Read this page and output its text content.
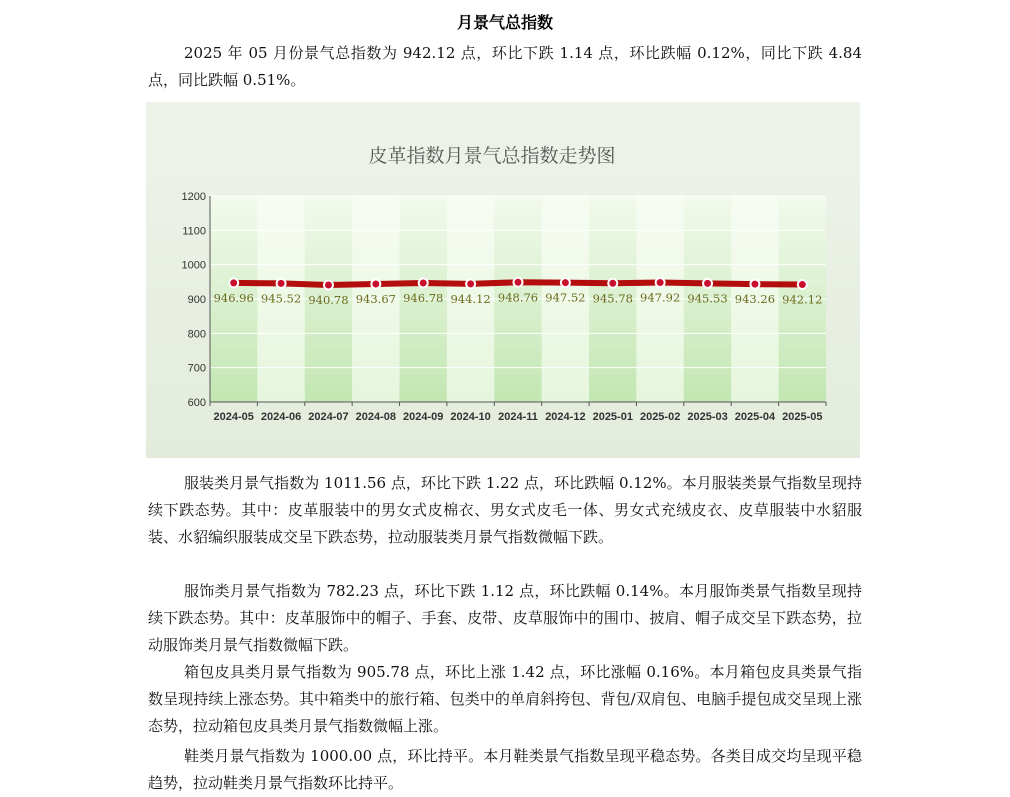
月景气总指数

2025 年 05 月份景气总指数为 942.12 点，环比下跌 1.14 点，环比跌幅 0.12%，同比下跌 4.84 点，同比跌幅 0.51%。

600
700
800
900
1000
1100
1200
2024-05 2024-06 2024-07 2024-08 2024-09 2024-10 2024-11 2024-12 2025-01 2025-02 2025-03 2025-04 2025-05
946.96 945.52 940.78 943.67 946.78 944.12 948.76 947.52 945.78 947.92 945.53 943.26 942.12
皮革指数月景气总指数走势图

服装类月景气指数为 1011.56 点，环比下跌 1.22 点，环比跌幅 0.12%。本月服装类景气指数呈现持续下跌态势。其中：皮革服装中的男女式皮棉衣、男女式皮毛一体、男女式充绒皮衣、皮草服装中水貂服装、水貂编织服装成交呈下跌态势，拉动服装类月景气指数微幅下跌。

服饰类月景气指数为 782.23 点，环比下跌 1.12 点，环比跌幅 0.14%。本月服饰类景气指数呈现持续下跌态势。其中：皮革服饰中的帽子、手套、皮带、皮草服饰中的围巾、披肩、帽子成交呈下跌态势，拉动服饰类月景气指数微幅下跌。

箱包皮具类月景气指数为 905.78 点，环比上涨 1.42 点，环比涨幅 0.16%。本月箱包皮具类景气指数呈现持续上涨态势。其中箱类中的旅行箱、包类中的单肩斜挎包、背包/双肩包、电脑手提包成交呈现上涨态势，拉动箱包皮具类月景气指数微幅上涨。

鞋类月景气指数为 1000.00 点，环比持平。本月鞋类景气指数呈现平稳态势。各类目成交均呈现平稳趋势，拉动鞋类月景气指数环比持平。
